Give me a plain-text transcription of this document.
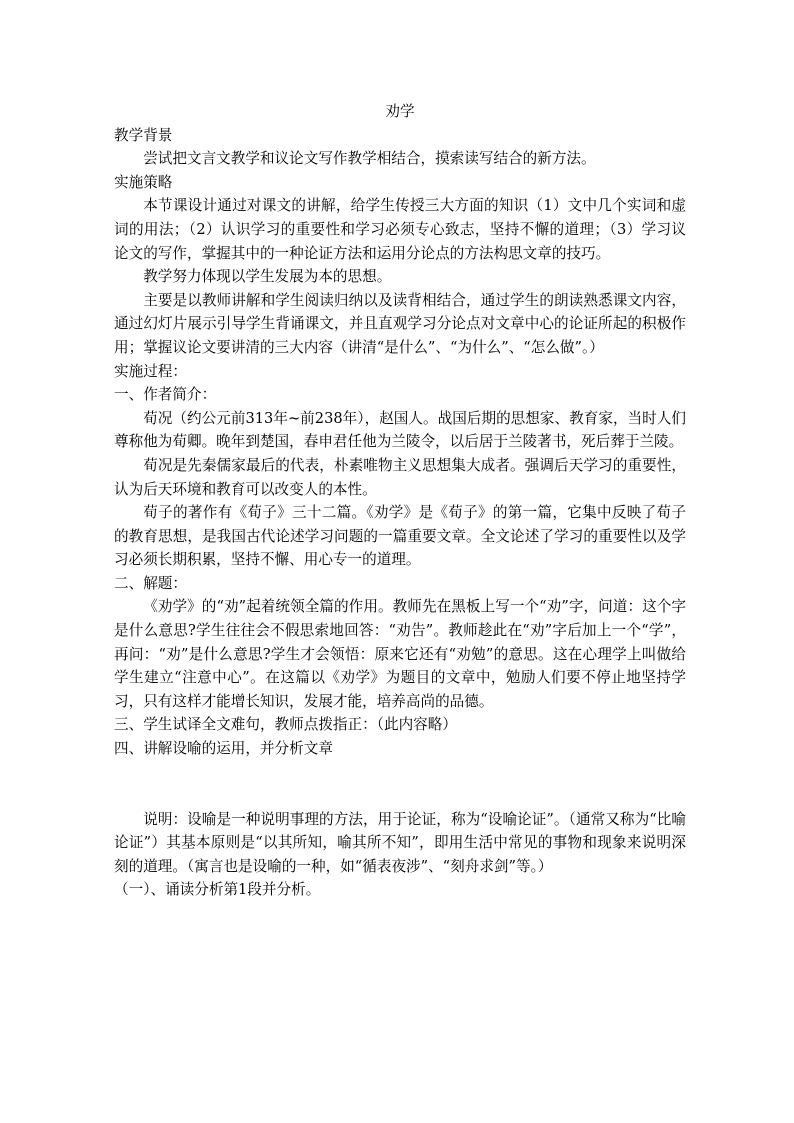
劝学

教学背景

尝试把文言文教学和议论文写作教学相结合，摸索读写结合的新方法。

实施策略

本节课设计通过对课文的讲解，给学生传授三大方面的知识（1）文中几个实词和虚词的用法；（2）认识学习的重要性和学习必须专心致志，坚持不懈的道理；（3）学习议论文的写作，掌握其中的一种论证方法和运用分论点的方法构思文章的技巧。

教学努力体现以学生发展为本的思想。

主要是以教师讲解和学生阅读归纳以及读背相结合，通过学生的朗读熟悉课文内容，通过幻灯片展示引导学生背诵课文，并且直观学习分论点对文章中心的论证所起的积极作用；掌握议论文要讲清的三大内容（讲清“是什么”、“为什么”、“怎么做”。）

实施过程：

一、作者简介：

荀况（约公元前313年~前238年），赵国人。战国后期的思想家、教育家，当时人们尊称他为荀卿。晚年到楚国，春申君任他为兰陵令，以后居于兰陵著书，死后葬于兰陵。

荀况是先秦儒家最后的代表，朴素唯物主义思想集大成者。强调后天学习的重要性，认为后天环境和教育可以改变人的本性。

荀子的著作有《荀子》三十二篇。《劝学》是《荀子》的第一篇，它集中反映了荀子的教育思想，是我国古代论述学习问题的一篇重要文章。全文论述了学习的重要性以及学习必须长期积累，坚持不懈、用心专一的道理。

二、解题：

《劝学》的“劝”起着统领全篇的作用。教师先在黑板上写一个“劝”字，问道：这个字是什么意思?学生往往会不假思索地回答：“劝告”。教师趁此在“劝”字后加上一个“学”，再问：“劝”是什么意思?学生才会领悟：原来它还有“劝勉”的意思。这在心理学上叫做给学生建立“注意中心”。在这篇以《劝学》为题目的文章中，勉励人们要不停止地坚持学习，只有这样才能增长知识，发展才能，培养高尚的品德。

三、学生试译全文难句，教师点拨指正：（此内容略）

四、讲解设喻的运用，并分析文章

说明：设喻是一种说明事理的方法，用于论证，称为“设喻论证”。（通常又称为“比喻论证”）其基本原则是“以其所知，喻其所不知”，即用生活中常见的事物和现象来说明深刻的道理。（寓言也是设喻的一种，如“循表夜涉”、“刻舟求剑”等。）

（一）、诵读分析第1段并分析。
